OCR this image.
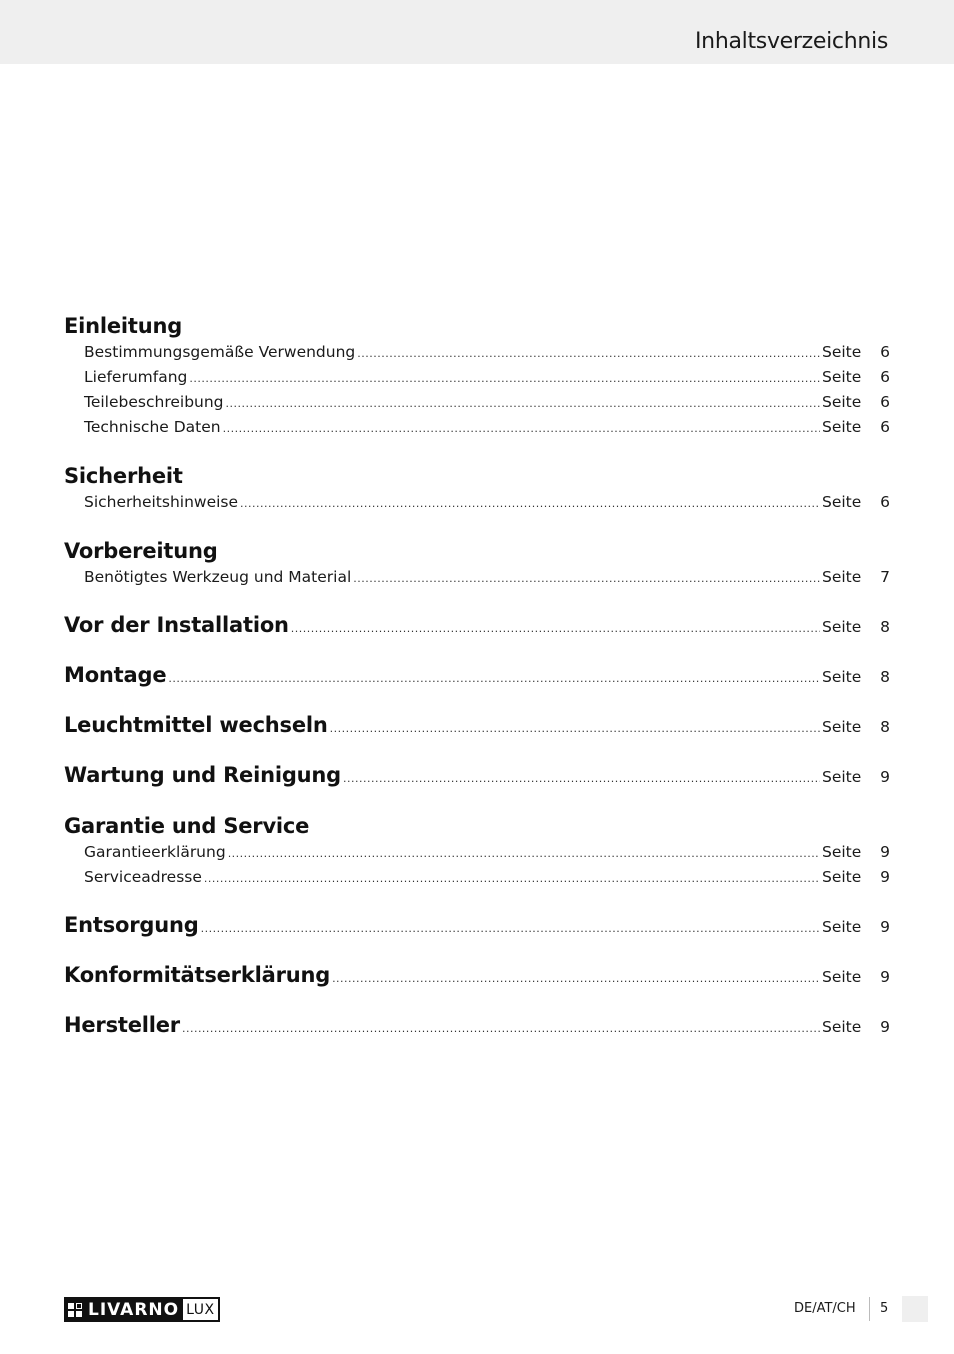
Inhaltsverzeichnis
Einleitung
Bestimmungsgemäße Verwendung .....	Seite	6
Lieferumfang .....	Seite	6
Teilebeschreibung .....	Seite	6
Technische Daten .....	Seite	6
Sicherheit
Sicherheitshinweise .....	Seite	6
Vorbereitung
Benötigtes Werkzeug und Material .....	Seite	7
Vor der Installation .....	Seite	8
Montage .....	Seite	8
Leuchtmittel wechseln .....	Seite	8
Wartung und Reinigung .....	Seite	9
Garantie und Service
Garantieerklärung .....	Seite	9
Serviceadresse .....	Seite	9
Entsorgung .....	Seite	9
Konformitätserklärung .....	Seite	9
Hersteller .....	Seite	9
LIVARNO LUX	DE/AT/CH 5
